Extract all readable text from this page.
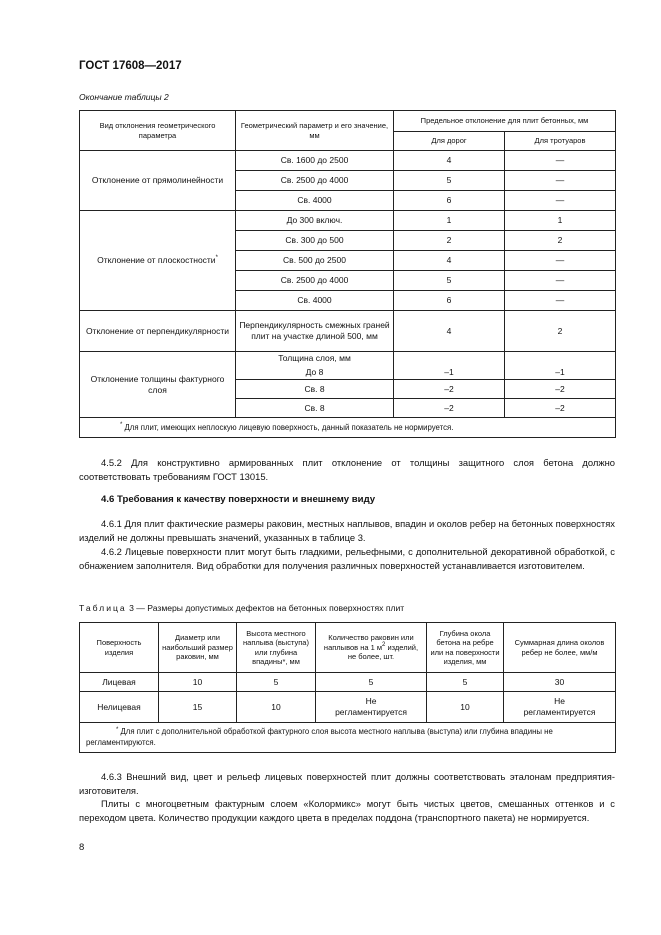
ГОСТ 17608—2017
Окончание таблицы 2
Вид отклонения геометрического параметра	Геометрический параметр и его значение, мм	Предельное отклонение для плит бетонных, мм	
		Для дорог	Для тротуаров
Отклонение от прямолинейности	Св. 1600 до 2500	4	—
	Св. 2500 до 4000	5	—
	Св. 4000	6	—
Отклонение от плоскостности*	До 300 включ.	1	1
	Св. 300 до 500	2	2
	Св. 500 до 2500	4	—
	Св. 2500 до 4000	5	—
	Св. 4000	6	—
Отклонение от перпендикулярности	Перпендикулярность смежных граней плит на участке длиной 500, мм	4	2
Отклонение толщины фактурного слоя	Толщина слоя, мм		
	До 8	–1	–1
	Св. 8	–2	–2
	Св. 8	–2	–2
* Для плит, имеющих неплоскую лицевую поверхность, данный показатель не нормируется.			
4.5.2 Для конструктивно армированных плит отклонение от толщины защитного слоя бетона должно соответствовать требованиям ГОСТ 13015.
4.6 Требования к качеству поверхности и внешнему виду
4.6.1 Для плит фактические размеры раковин, местных наплывов, впадин и околов ребер на бетонных поверхностях изделий не должны превышать значений, указанных в таблице 3.
4.6.2 Лицевые поверхности плит могут быть гладкими, рельефными, с дополнительной декоративной обработкой, с обнажением заполнителя. Вид обработки для получения различных поверхностей устанавливается изготовителем.
Таблица 3 — Размеры допустимых дефектов на бетонных поверхностях плит
Поверхность изделия	Диаметр или наибольший размер раковин, мм	Высота местного наплыва (выступа) или глубина впадины*, мм	Количество раковин или наплывов на 1 $м^2$ изделий, не более, шт.	Глубина окола бетона на ребре или на поверхности изделия, мм	Суммарная длина околов ребер не более, мм/м
Лицевая	10	5	5	5	30
Нелицевая	15	10	Не регламентируется	10	Не регламентируется
* Для плит с дополнительной обработкой фактурного слоя высота местного наплыва (выступа) или глубина впадины не регламентируются.					
4.6.3 Внешний вид, цвет и рельеф лицевых поверхностей плит должны соответствовать эталонам предприятия-изготовителя.
Плиты с многоцветным фактурным слоем «Колормикс» могут быть чистых цветов, смешанных оттенков и с переходом цвета. Количество продукции каждого цвета в пределах поддона (транспортного пакета) не нормируется.
8
